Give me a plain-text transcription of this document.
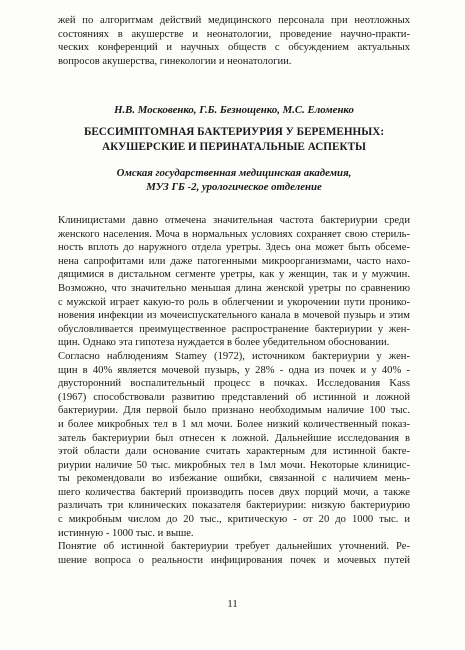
жей по алгоритмам действий медицинского персонала при неотложных
состояниях в акушерстве и неонатологии, проведение научно-практи-
ческих конференций и научных обществ с обсуждением актуальных
вопросов акушерства, гинекологии и неонатологии.
Н.В. Московенко, Г.Б. Безнощенко, М.С. Еломенко
БЕССИМПТОМНАЯ БАКТЕРИУРИЯ У БЕРЕМЕННЫХ:
АКУШЕРСКИЕ И ПЕРИНАТАЛЬНЫЕ АСПЕКТЫ
Омская государственная медицинская академия,
МУЗ ГБ -2, урологическое отделение
Клиницистами давно отмечена значительная частота бактериурии среди
женского населения. Моча в нормальных условиях сохраняет свою стериль-
ность вплоть до наружного отдела уретры. Здесь она может быть обсеме-
нена сапрофитами или даже патогенными микроорганизмами, часто нахо-
дящимися в дистальном сегменте уретры, как у женщин, так и у мужчин.
Возможно, что значительно меньшая длина женской уретры по сравнению
с мужской играет какую-то роль в облегчении и укорочении пути пронико-
новения инфекции из мочеиспускательного канала в мочевой пузырь и этим
обусловливается преимущественное распространение бактериурии у жен-
щин. Однако эта гипотеза нуждается в более убедительном обосновании.
Согласно наблюдениям Stamey (1972), источником бактериурии у жен-
щин в 40% является мочевой пузырь, у 28% - одна из почек и у 40% -
двусторонний воспалительный процесс в почках. Исследования Kass
(1967) способствовали развитию представлений об истинной и ложной
бактериурии. Для первой было признано необходимым наличие 100 тыс.
и более микробных тел в 1 мл мочи. Более низкий количественный показ-
затель бактериурии был отнесен к ложной. Дальнейшие исследования в
этой области дали основание считать характерным для истинной бакте-
риурии наличие 50 тыс. микробных тел в 1мл мочи. Некоторые клиницис-
ты рекомендовали во избежание ошибки, связанной с наличием мень-
шего количества бактерий производить посев двух порций мочи, а также
различать три клинических показателя бактериурии: низкую бактериурию
с микробным числом до 20 тыс., критическую - от 20 до 1000 тыс. и
истинную - 1000 тыс. и выше.
Понятие об истинной бактериурии требует дальнейших уточнений. Ре-
шение вопроса о реальности инфицирования почек и мочевых путей
11
